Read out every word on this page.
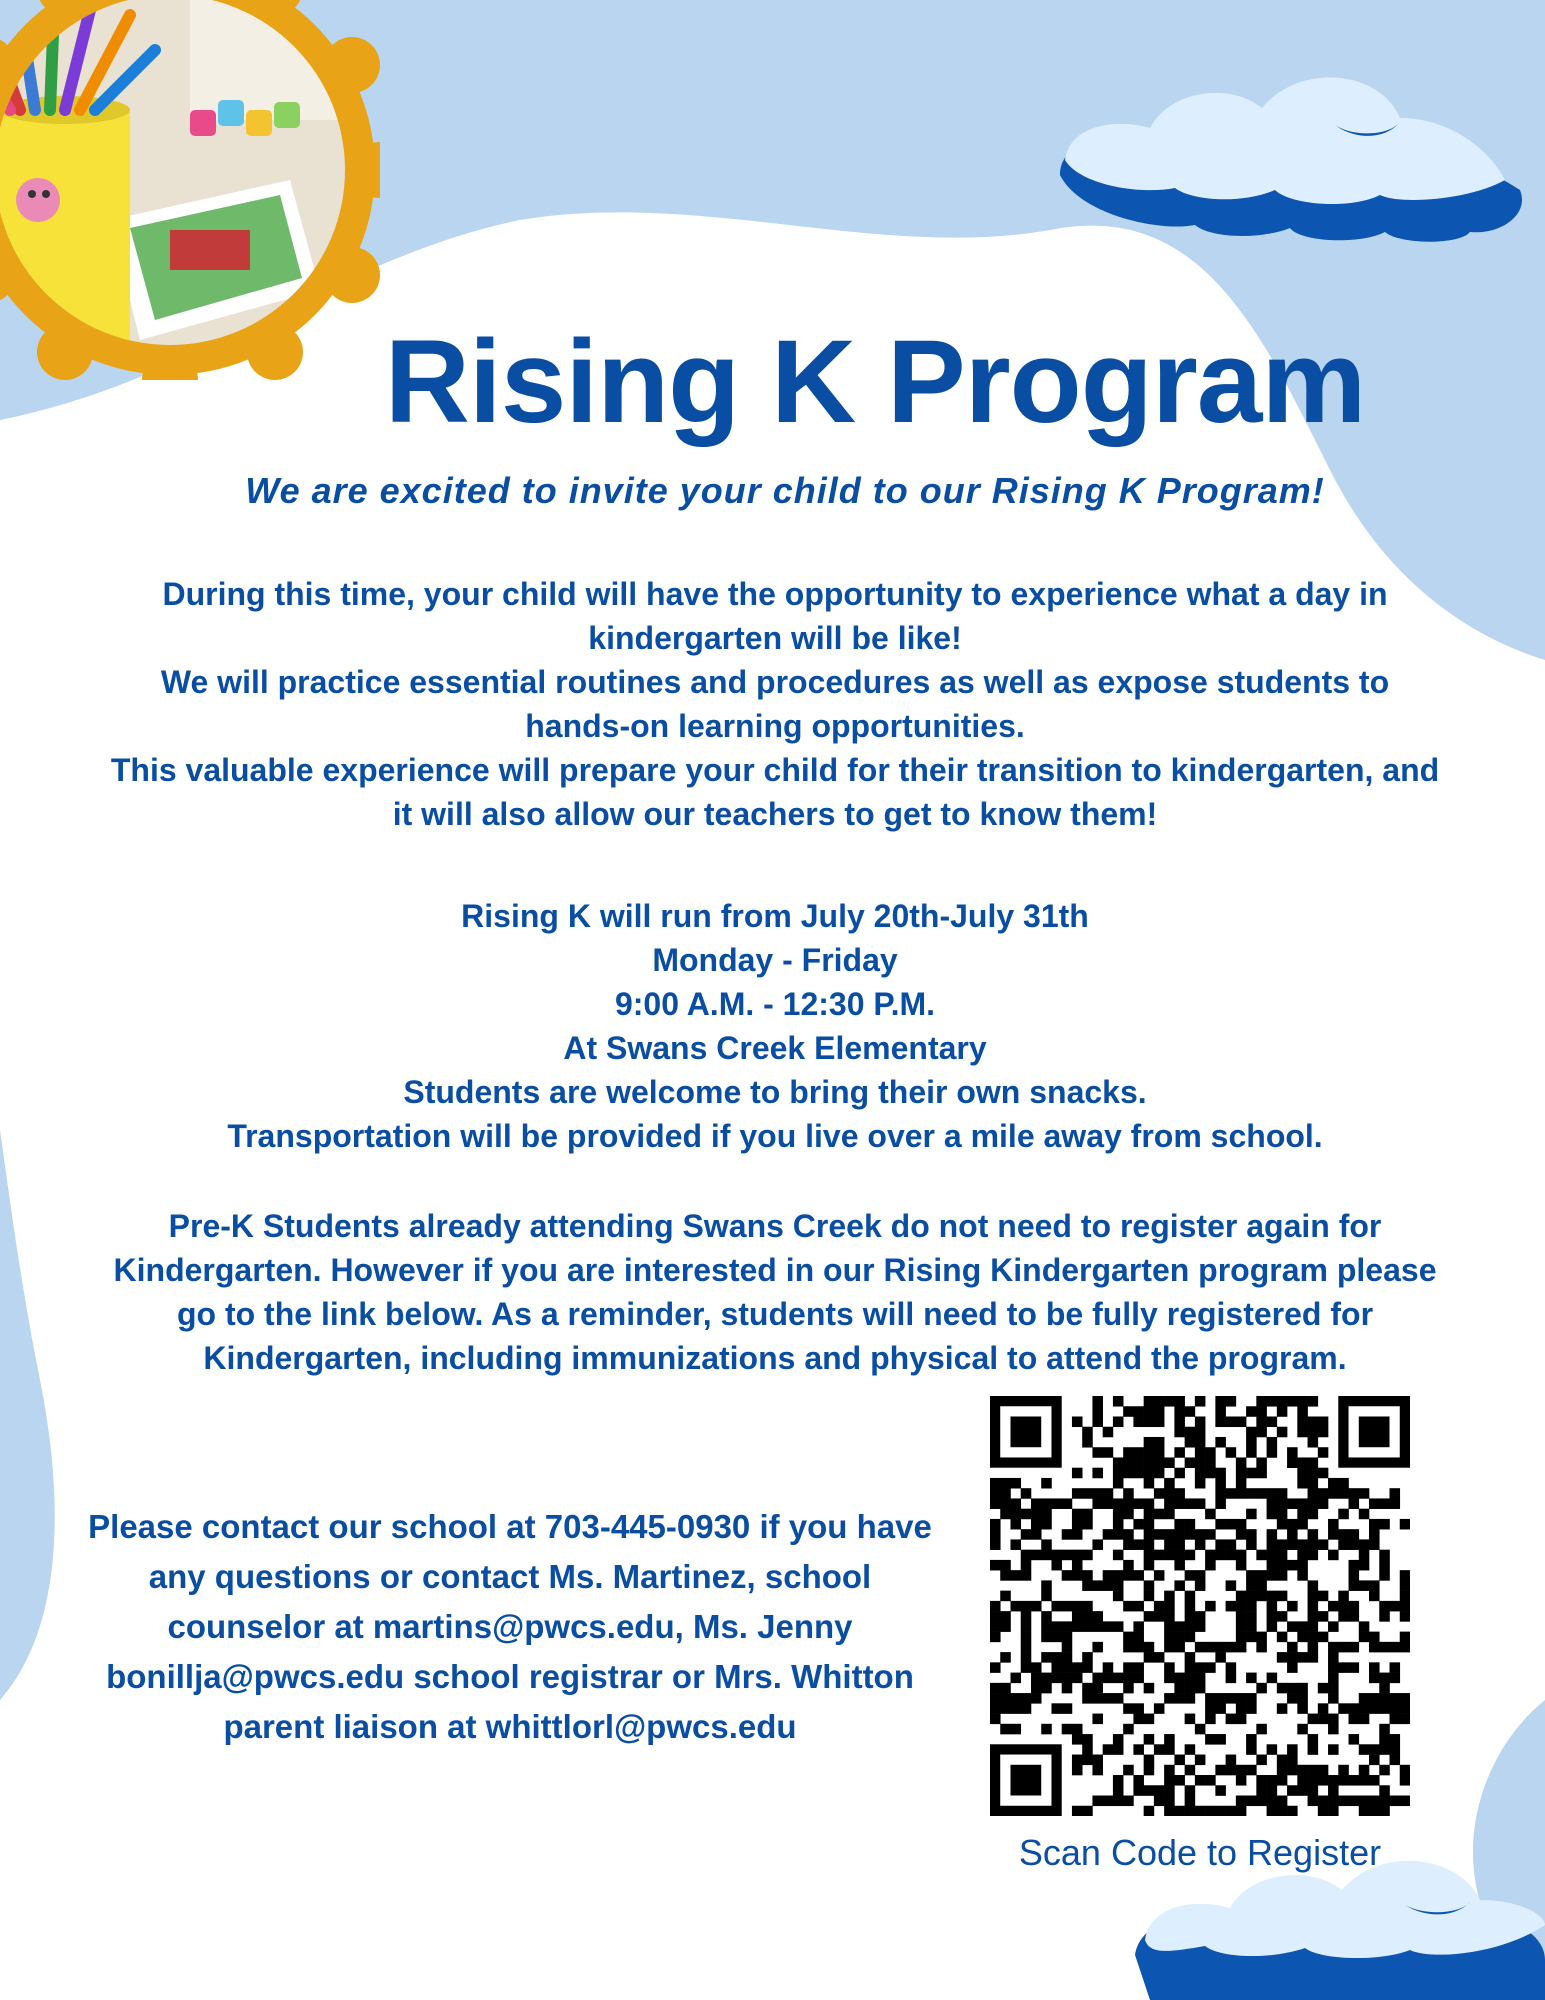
Rising K Program
We are excited to invite your child to our Rising K Program!

During this time, your child will have the opportunity to experience what a day in kindergarten will be like!

We will practice essential routines and procedures as well as expose students to hands-on learning opportunities.

This valuable experience will prepare your child for their transition to kindergarten, and it will also allow our teachers to get to know them!

Rising K will run from July 20th-July 31th

Monday - Friday

9:00 A.M. - 12:30 P.M.

At Swans Creek Elementary

Students are welcome to bring their own snacks.

Transportation will be provided if you live over a mile away from school.

Pre-K Students already attending Swans Creek do not need to register again for Kindergarten. However if you are interested in our Rising Kindergarten program please go to the link below. As a reminder, students will need to be fully registered for Kindergarten, including immunizations and physical to attend the program.

Please contact our school at 703-445-0930 if you have any questions or contact Ms. Martinez, school counselor at martins@pwcs.edu, Ms. Jenny bonillja@pwcs.edu school registrar or Mrs. Whitton parent liaison at whittlorl@pwcs.edu
Scan Code to Register
